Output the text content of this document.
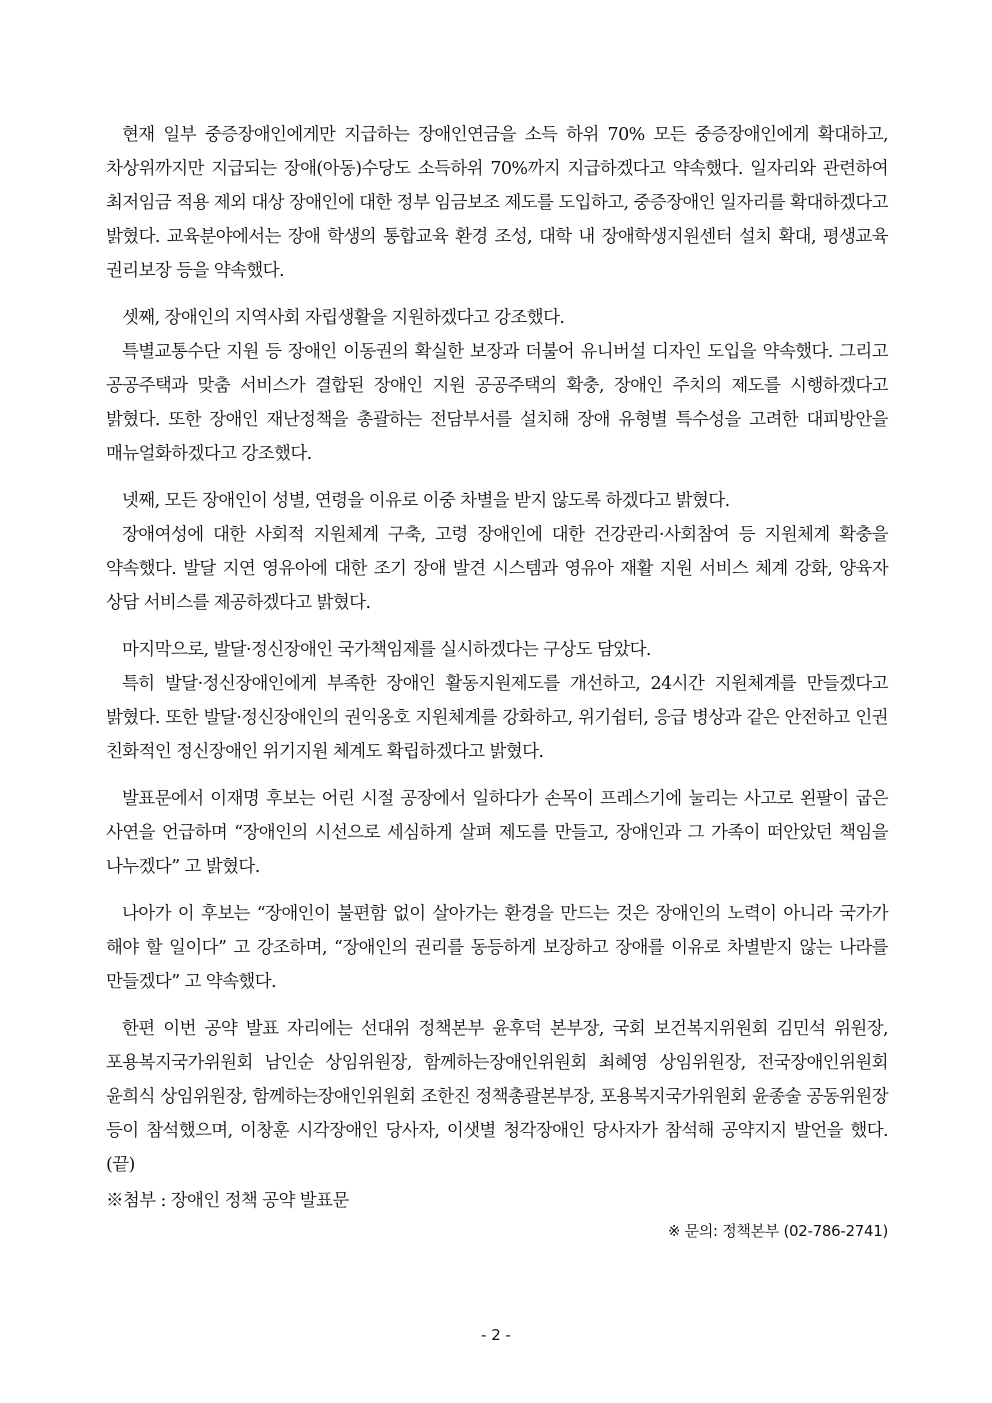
현재 일부 중증장애인에게만 지급하는 장애인연금을 소득 하위 70% 모든 중증장애인에게 확대하고, 차상위까지만 지급되는 장애(아동)수당도 소득하위 70%까지 지급하겠다고 약속했다. 일자리와 관련하여 최저임금 적용 제외 대상 장애인에 대한 정부 임금보조 제도를 도입하고, 중증장애인 일자리를 확대하겠다고 밝혔다. 교육분야에서는 장애 학생의 통합교육 환경 조성, 대학 내 장애학생지원센터 설치 확대, 평생교육 권리보장 등을 약속했다.

셋째, 장애인의 지역사회 자립생활을 지원하겠다고 강조했다.

특별교통수단 지원 등 장애인 이동권의 확실한 보장과 더불어 유니버설 디자인 도입을 약속했다. 그리고 공공주택과 맞춤 서비스가 결합된 장애인 지원 공공주택의 확충, 장애인 주치의 제도를 시행하겠다고 밝혔다. 또한 장애인 재난정책을 총괄하는 전담부서를 설치해 장애 유형별 특수성을 고려한 대피방안을 매뉴얼화하겠다고 강조했다.

넷째, 모든 장애인이 성별, 연령을 이유로 이중 차별을 받지 않도록 하겠다고 밝혔다.

장애여성에 대한 사회적 지원체계 구축, 고령 장애인에 대한 건강관리·사회참여 등 지원체계 확충을 약속했다. 발달 지연 영유아에 대한 조기 장애 발견 시스템과 영유아 재활 지원 서비스 체계 강화, 양육자 상담 서비스를 제공하겠다고 밝혔다.

마지막으로, 발달·정신장애인 국가책임제를 실시하겠다는 구상도 담았다.

특히 발달·정신장애인에게 부족한 장애인 활동지원제도를 개선하고, 24시간 지원체계를 만들겠다고 밝혔다. 또한 발달·정신장애인의 권익옹호 지원체계를 강화하고, 위기쉼터, 응급 병상과 같은 안전하고 인권 친화적인 정신장애인 위기지원 체계도 확립하겠다고 밝혔다.

발표문에서 이재명 후보는 어린 시절 공장에서 일하다가 손목이 프레스기에 눌리는 사고로 왼팔이 굽은 사연을 언급하며 “장애인의 시선으로 세심하게 살펴 제도를 만들고, 장애인과 그 가족이 떠안았던 책임을 나누겠다” 고 밝혔다.

나아가 이 후보는 “장애인이 불편함 없이 살아가는 환경을 만드는 것은 장애인의 노력이 아니라 국가가 해야 할 일이다” 고 강조하며, “장애인의 권리를 동등하게 보장하고 장애를 이유로 차별받지 않는 나라를 만들겠다” 고 약속했다.

한편 이번 공약 발표 자리에는 선대위 정책본부 윤후덕 본부장, 국회 보건복지위원회 김민석 위원장, 포용복지국가위원회 남인순 상임위원장, 함께하는장애인위원회 최혜영 상임위원장, 전국장애인위원회 윤희식 상임위원장, 함께하는장애인위원회 조한진 정책총괄본부장, 포용복지국가위원회 윤종술 공동위원장 등이 참석했으며, 이창훈 시각장애인 당사자, 이샛별 청각장애인 당사자가 참석해 공약지지 발언을 했다. (끝)

※첨부 : 장애인 정책 공약 발표문

※ 문의: 정책본부 (02-786-2741)

- 2 -
